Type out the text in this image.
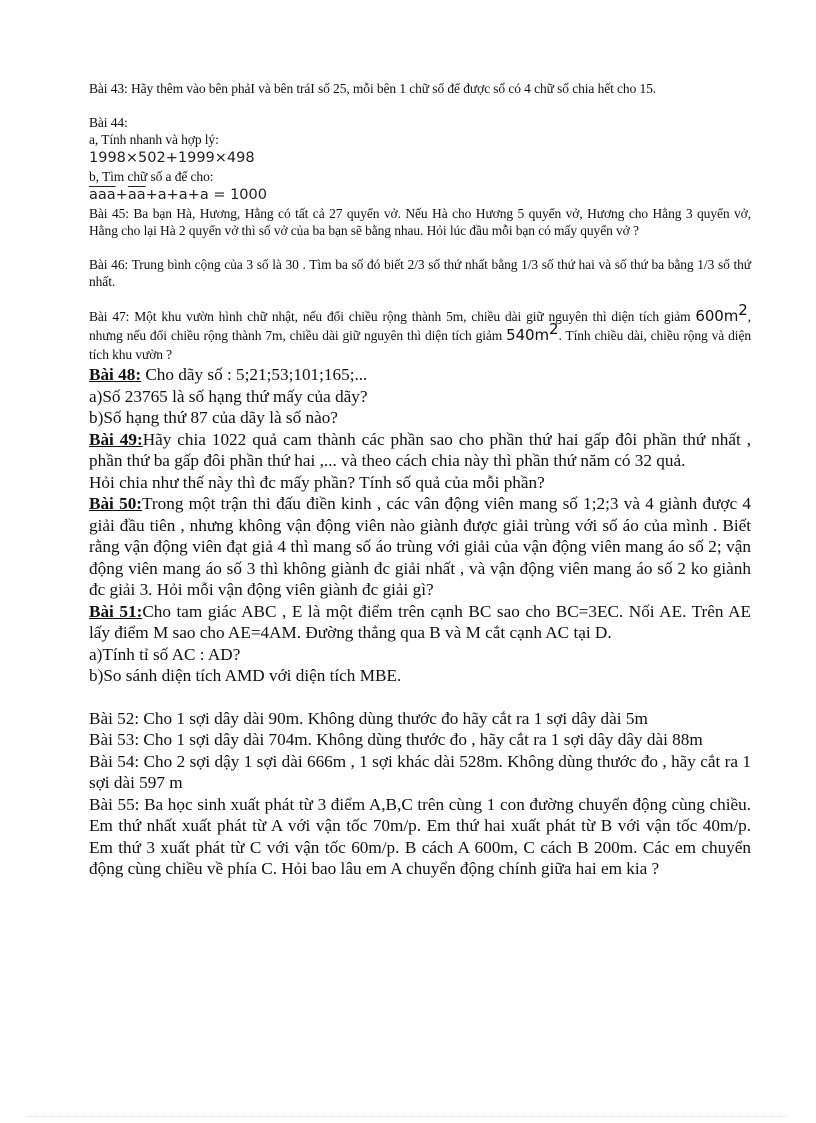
Bài 43: Hãy thêm vào bên phảI và bên tráI số 25, mỗi bên 1 chữ số để được số có 4 chữ số chia hết cho 15.

Bài 44:

a, Tính nhanh và hợp lý:

1998×502+1999×498

b, Tìm chữ số a để cho:

$\overline{aaa}+\overline{aa}+a+a+a = 1000$

Bài 45: Ba bạn Hà, Hương, Hằng có tất cả 27 quyển vở. Nếu Hà cho Hương 5 quyển vở, Hương cho Hằng 3 quyển vở, Hằng cho lại Hà 2 quyển vở thì số vở của ba bạn sẽ bằng nhau. Hỏi lúc đầu mỗi bạn có mấy quyển vở ?

Bài 46: Trung bình cộng của 3 số là 30 . Tìm ba số đó biết 2/3 số thứ nhất bằng 1/3 số thứ hai và số thứ ba bằng 1/3 số thứ nhất.

Bài 47: Một khu vườn hình chữ nhật, nếu đổi chiều rộng thành 5m, chiều dài giữ nguyên thì diện tích giảm 600m2, nhưng nếu đổi chiều rộng thành 7m, chiều dài giữ nguyên thì diện tích giảm 540m2. Tính chiều dài, chiều rộng và diện tích khu vườn ?

Bài 48: Cho dãy số : 5;21;53;101;165;...

a)Số 23765 là số hạng thứ mấy của dãy?

b)Số hạng thứ 87 của dãy là số nào?

Bài 49:Hãy chia 1022 quả cam thành các phần sao cho phần thứ hai gấp đôi phần thứ nhất , phần thứ ba gấp đôi phần thứ hai ,... và theo cách chia này thì phần thứ năm có 32 quả.

Hỏi chia như thế này thì đc mấy phần? Tính số quả của mỗi phần?

Bài 50:Trong một trận thi đấu điền kinh , các vân động viên mang số 1;2;3 và 4 giành được 4 giải đầu tiên , nhưng không vận động viên nào giành được giải trùng với số áo của mình . Biết rằng vận động viên đạt giả 4 thì mang số áo trùng với giải của vận động viên mang áo số 2; vận động viên mang áo số 3 thì không giành đc giải nhất , và vận động viên mang áo số 2 ko giành đc giải 3. Hỏi mỗi vận động viên giành đc giải gì?

Bài 51:Cho tam giác ABC , E là một điểm trên cạnh BC sao cho BC=3EC. Nối AE. Trên AE lấy điểm M sao cho AE=4AM. Đường thẳng qua B và M cắt cạnh AC tại D.

a)Tính tỉ số AC : AD?

b)So sánh diện tích AMD với diện tích MBE.

Bài 52: Cho 1 sợi dây dài 90m. Không dùng thước đo hãy cắt ra 1 sợi dây dài 5m

Bài 53: Cho 1 sợi dây dài 704m. Không dùng thước đo , hãy cắt ra 1 sợi dây dây dài 88m

Bài 54: Cho 2 sợi dậy 1 sợi dài 666m , 1 sợi khác dài 528m. Không dùng thước đo , hãy cắt ra 1 sợi dài 597 m

Bài 55: Ba học sinh xuất phát từ 3 điểm A,B,C trên cùng 1 con đường chuyển động cùng chiều. Em thứ nhất xuất phát từ A với vận tốc 70m/p. Em thứ hai xuất phát từ B với vận tốc 40m/p. Em thứ 3 xuất phát từ C với vận tốc 60m/p. B cách A 600m, C cách B 200m. Các em chuyển động cùng chiều về phía C. Hỏi bao lâu em A chuyển động chính giữa hai em kia ?
